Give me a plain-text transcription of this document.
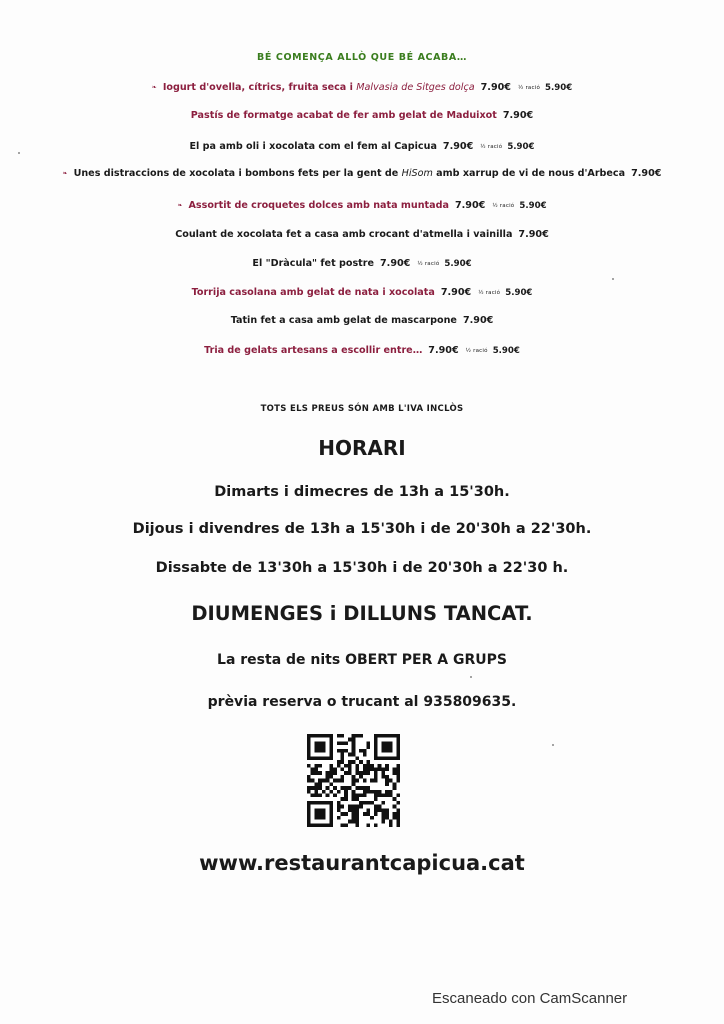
BÉ COMENÇA ALLÒ QUE BÉ ACABA…
❧ Iogurt d'ovella, cítrics, fruita seca i Malvasia de Sitges dolça 7.90€ ½ ració 5.90€
Pastís de formatge acabat de fer amb gelat de Maduixot 7.90€
El pa amb oli i xocolata com el fem al Capicua 7.90€ ½ ració 5.90€
❧ Unes distraccions de xocolata i bombons fets per la gent de HiSom amb xarrup de vi de nous d'Arbeca 7.90€
❧ Assortit de croquetes dolces amb nata muntada 7.90€ ½ ració 5.90€
Coulant de xocolata fet a casa amb crocant d'atmella i vainilla 7.90€
El "Dràcula" fet postre 7.90€ ½ ració 5.90€
Torrija casolana amb gelat de nata i xocolata 7.90€ ½ ració 5.90€
Tatin fet a casa amb gelat de mascarpone 7.90€
Tria de gelats artesans a escollir entre… 7.90€ ½ ració 5.90€
TOTS ELS PREUS SÓN AMB L'IVA INCLÒS
HORARI
Dimarts i dimecres de 13h a 15'30h.
Dijous i divendres de 13h a 15'30h i de 20'30h a 22'30h.
Dissabte de 13'30h a 15'30h i de 20'30h a 22'30 h.
DIUMENGES i DILLUNS TANCAT.
La resta de nits OBERT PER A GRUPS
prèvia reserva o trucant al 935809635.
www.restaurantcapicua.cat
Escaneado con CamScanner
